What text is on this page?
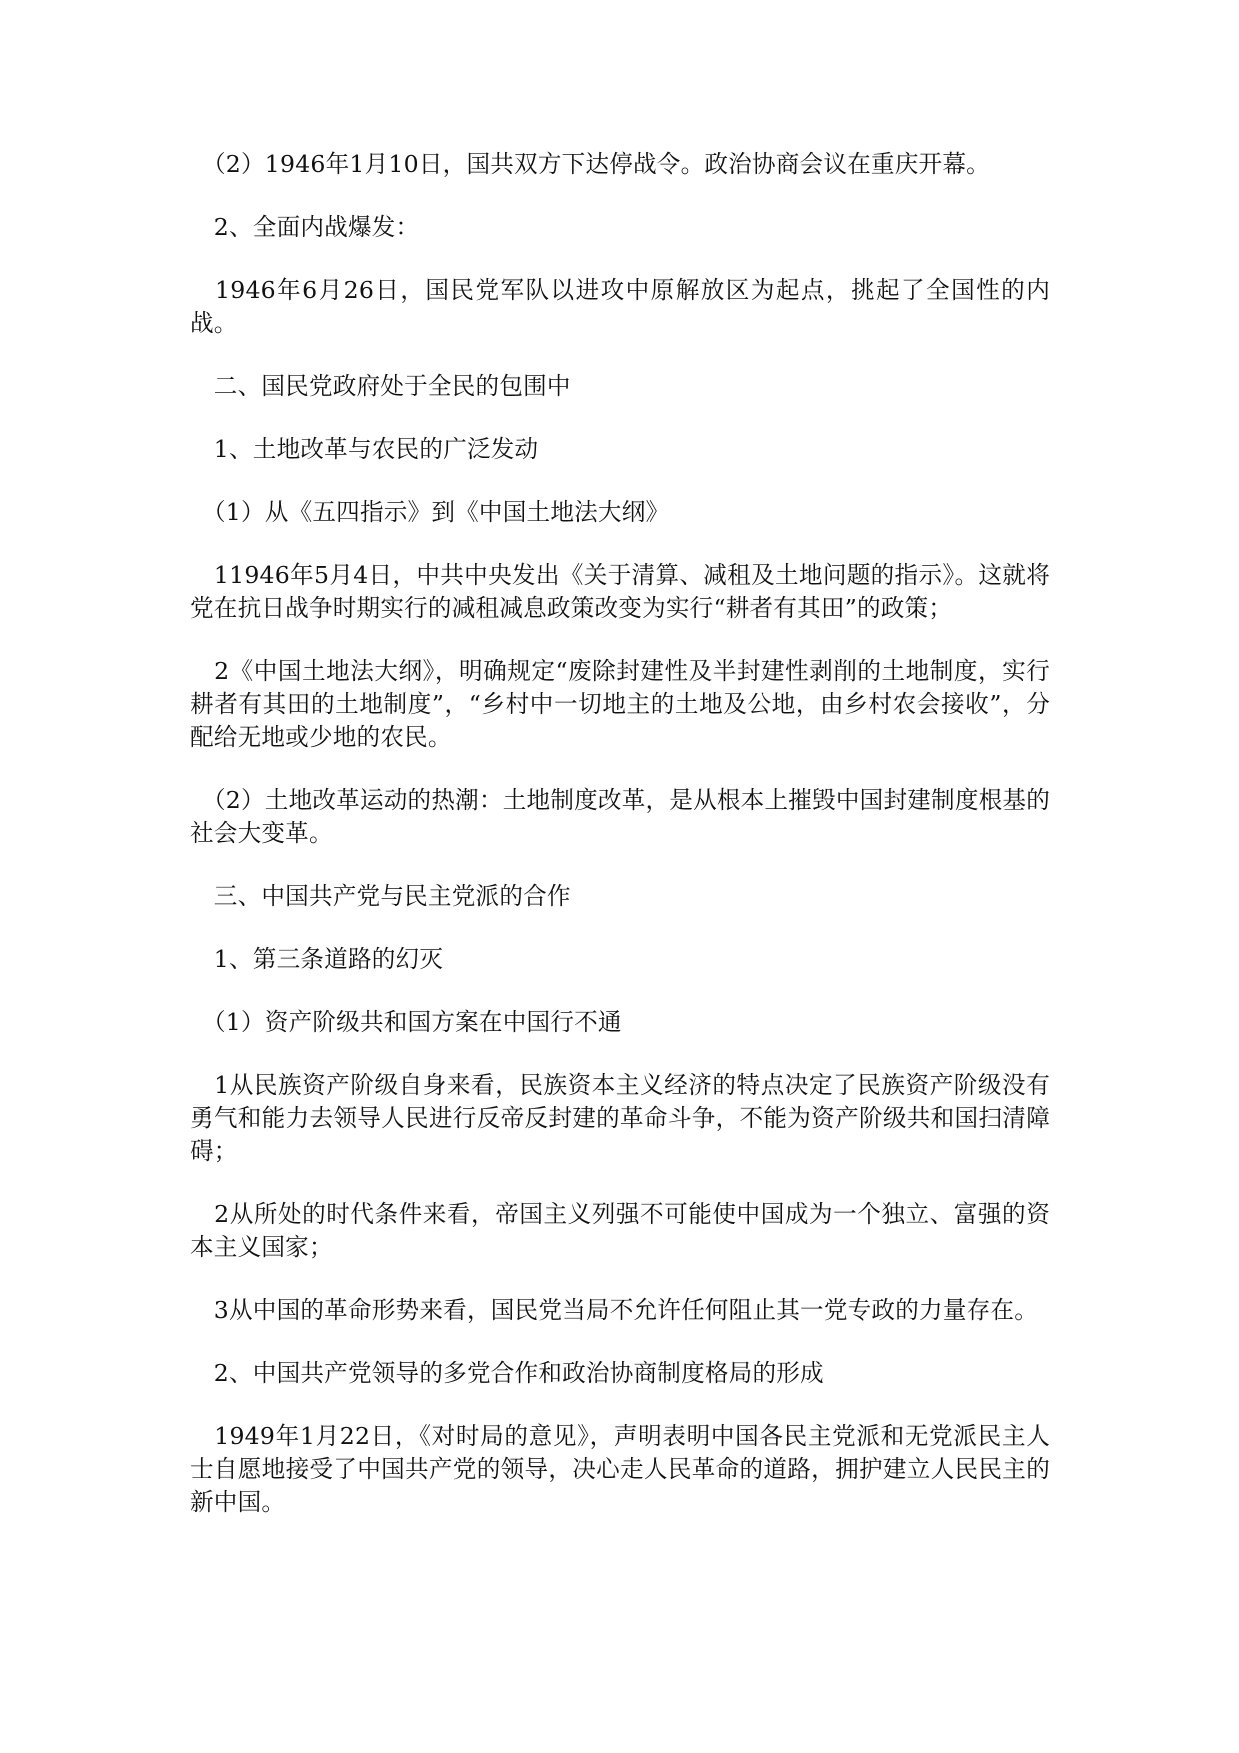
　（2）1946年1月10日，国共双方下达停战令。政治协商会议在重庆开幕。

　2、全面内战爆发：

　1946年6月26日，国民党军队以进攻中原解放区为起点，挑起了全国性的内战。

　二、国民党政府处于全民的包围中

　1、土地改革与农民的广泛发动

　（1）从《五四指示》到《中国土地法大纲》

　11946年5月4日，中共中央发出《关于清算、减租及土地问题的指示》。这就将党在抗日战争时期实行的减租减息政策改变为实行“耕者有其田”的政策；

　2《中国土地法大纲》，明确规定“废除封建性及半封建性剥削的土地制度，实行耕者有其田的土地制度”，“乡村中一切地主的土地及公地，由乡村农会接收”，分配给无地或少地的农民。

　（2）土地改革运动的热潮：土地制度改革，是从根本上摧毁中国封建制度根基的社会大变革。

　三、中国共产党与民主党派的合作

　1、第三条道路的幻灭

　（1）资产阶级共和国方案在中国行不通

　1从民族资产阶级自身来看，民族资本主义经济的特点决定了民族资产阶级没有勇气和能力去领导人民进行反帝反封建的革命斗争，不能为资产阶级共和国扫清障碍；

　2从所处的时代条件来看，帝国主义列强不可能使中国成为一个独立、富强的资本主义国家；

　3从中国的革命形势来看，国民党当局不允许任何阻止其一党专政的力量存在。

　2、中国共产党领导的多党合作和政治协商制度格局的形成

　1949年1月22日，《对时局的意见》，声明表明中国各民主党派和无党派民主人士自愿地接受了中国共产党的领导，决心走人民革命的道路，拥护建立人民民主的新中国。
